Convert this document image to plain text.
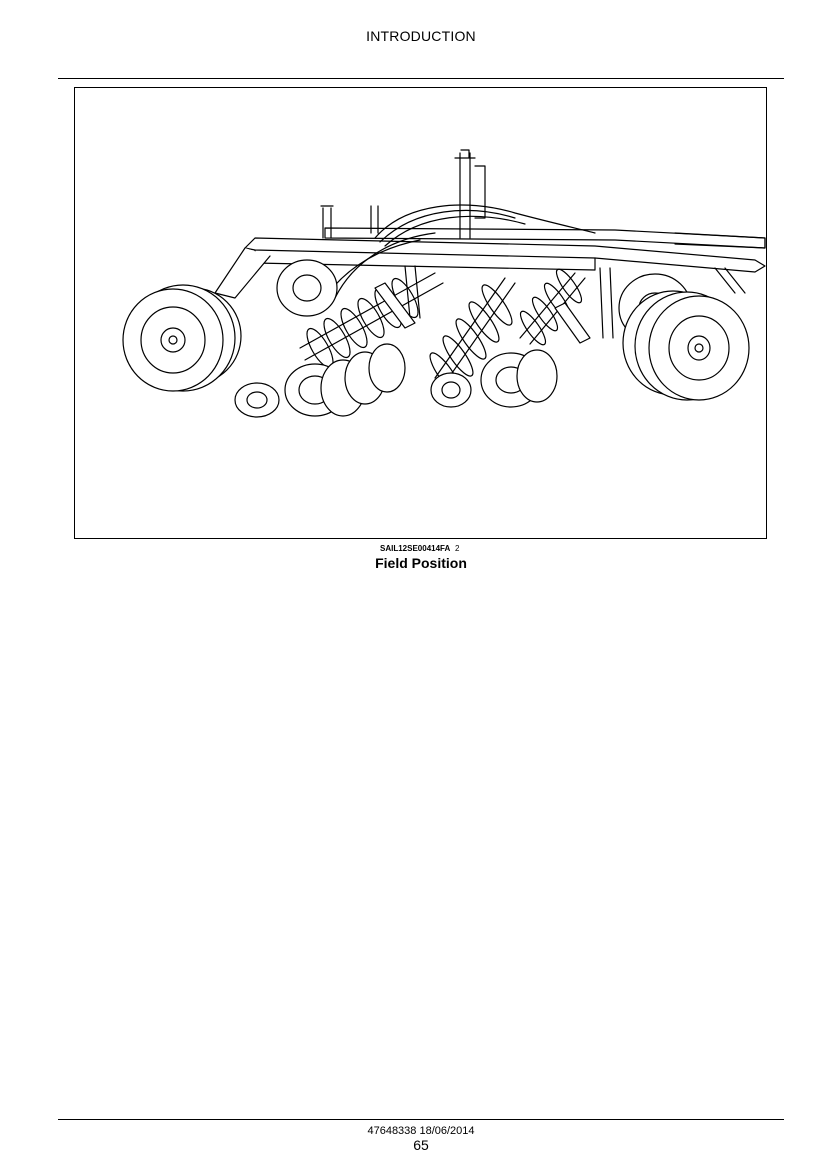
INTRODUCTION
SAIL12SE00414FA 2
Field Position
47648338 18/06/2014
65
